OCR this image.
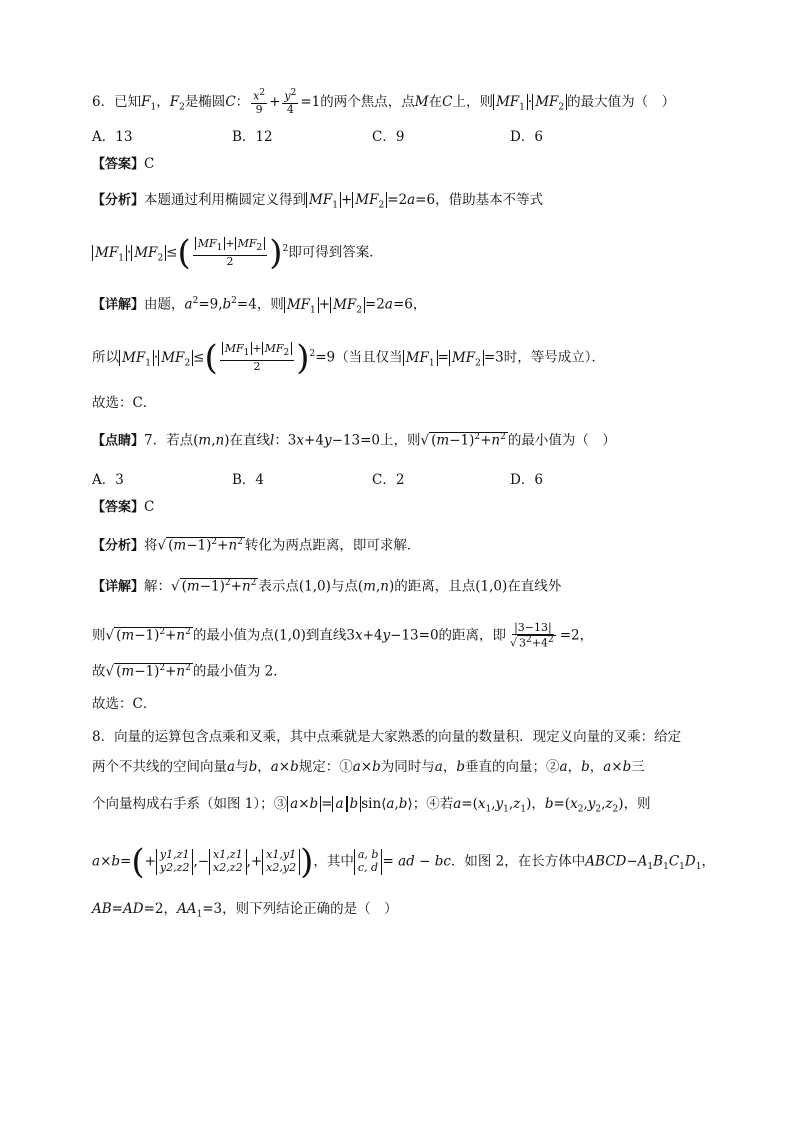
6．已知$F_1$，$F_2$是椭圆C： $\frac{x^2}{9} + \frac{y^2}{4} =1$的两个焦点，点M在C上，则 $MF_1 \cdot MF_2$ 的最大值为（　）
A．13	B．12	C．9	D．6
【答案】C
【分析】本题通过利用椭圆定义得到 $MF_1 + MF_2 =2a=6$，借助基本不等式
$MF_1 \cdot MF_2$ ≤( $\frac{MF_1 + MF_2}{2} )^2$即可得到答案．
【详解】由题，$a^2=9,b^2=4$，则 $MF_1 + MF_2 =2a=6$，
所以 $MF_1 \cdot MF_2$ ≤( $\frac{MF_1 + MF_2}{2} )^2=9$（当且仅当 $MF_1 = MF_2 =3$时，等号成立）．
故选：C．
【点睛】7．若点(m,n)在直线l：3x+4y−13=0上，则√ $(m-1)^2+n^2$ 的最小值为（　）
A．3	B．4	C．2	D．6
【答案】C
【分析】将√ $(m-1)^2+n^2$ 转化为两点距离，即可求解．
【详解】解：√ $(m-1)^2+n^2$ 表示点(1,0)与点(m,n)的距离，且点(1,0)在直线外
则√ $(m-1)^2+n^2$ 的最小值为点(1,0)到直线3x+4y−13=0的距离，即 $\frac{|3-13|}{√ 3^2+4^2} =2$，
故√ $(m-1)^2+n^2$ 的最小值为 2．
故选：C．
8．向量的运算包含点乘和叉乘，其中点乘就是大家熟悉的向量的数量积．现定义向量的叉乘：给定
两个不共线的空间向量a与b，a×b规定：①a×b为同时与a，b垂直的向量；②a，b，a×b三
个向量构成右手系（如图 1）；③ a×b = a b sin⟨a,b⟩；④若$a=(x_1,y_1,z_1)$，$b=(x_2,y_2,z_2)$，则
a×b=(+ y1,z1
y2,z2 ,− x1,z1
x2,z2 ,+ x1,y1
x2,y2 )，其中 a, b
c, d = ad − bc．如图 2，在长方体中$ABCD-A_1B_1C_1D_1$，
AB=AD=2，$AA_1=3$，则下列结论正确的是（　）
